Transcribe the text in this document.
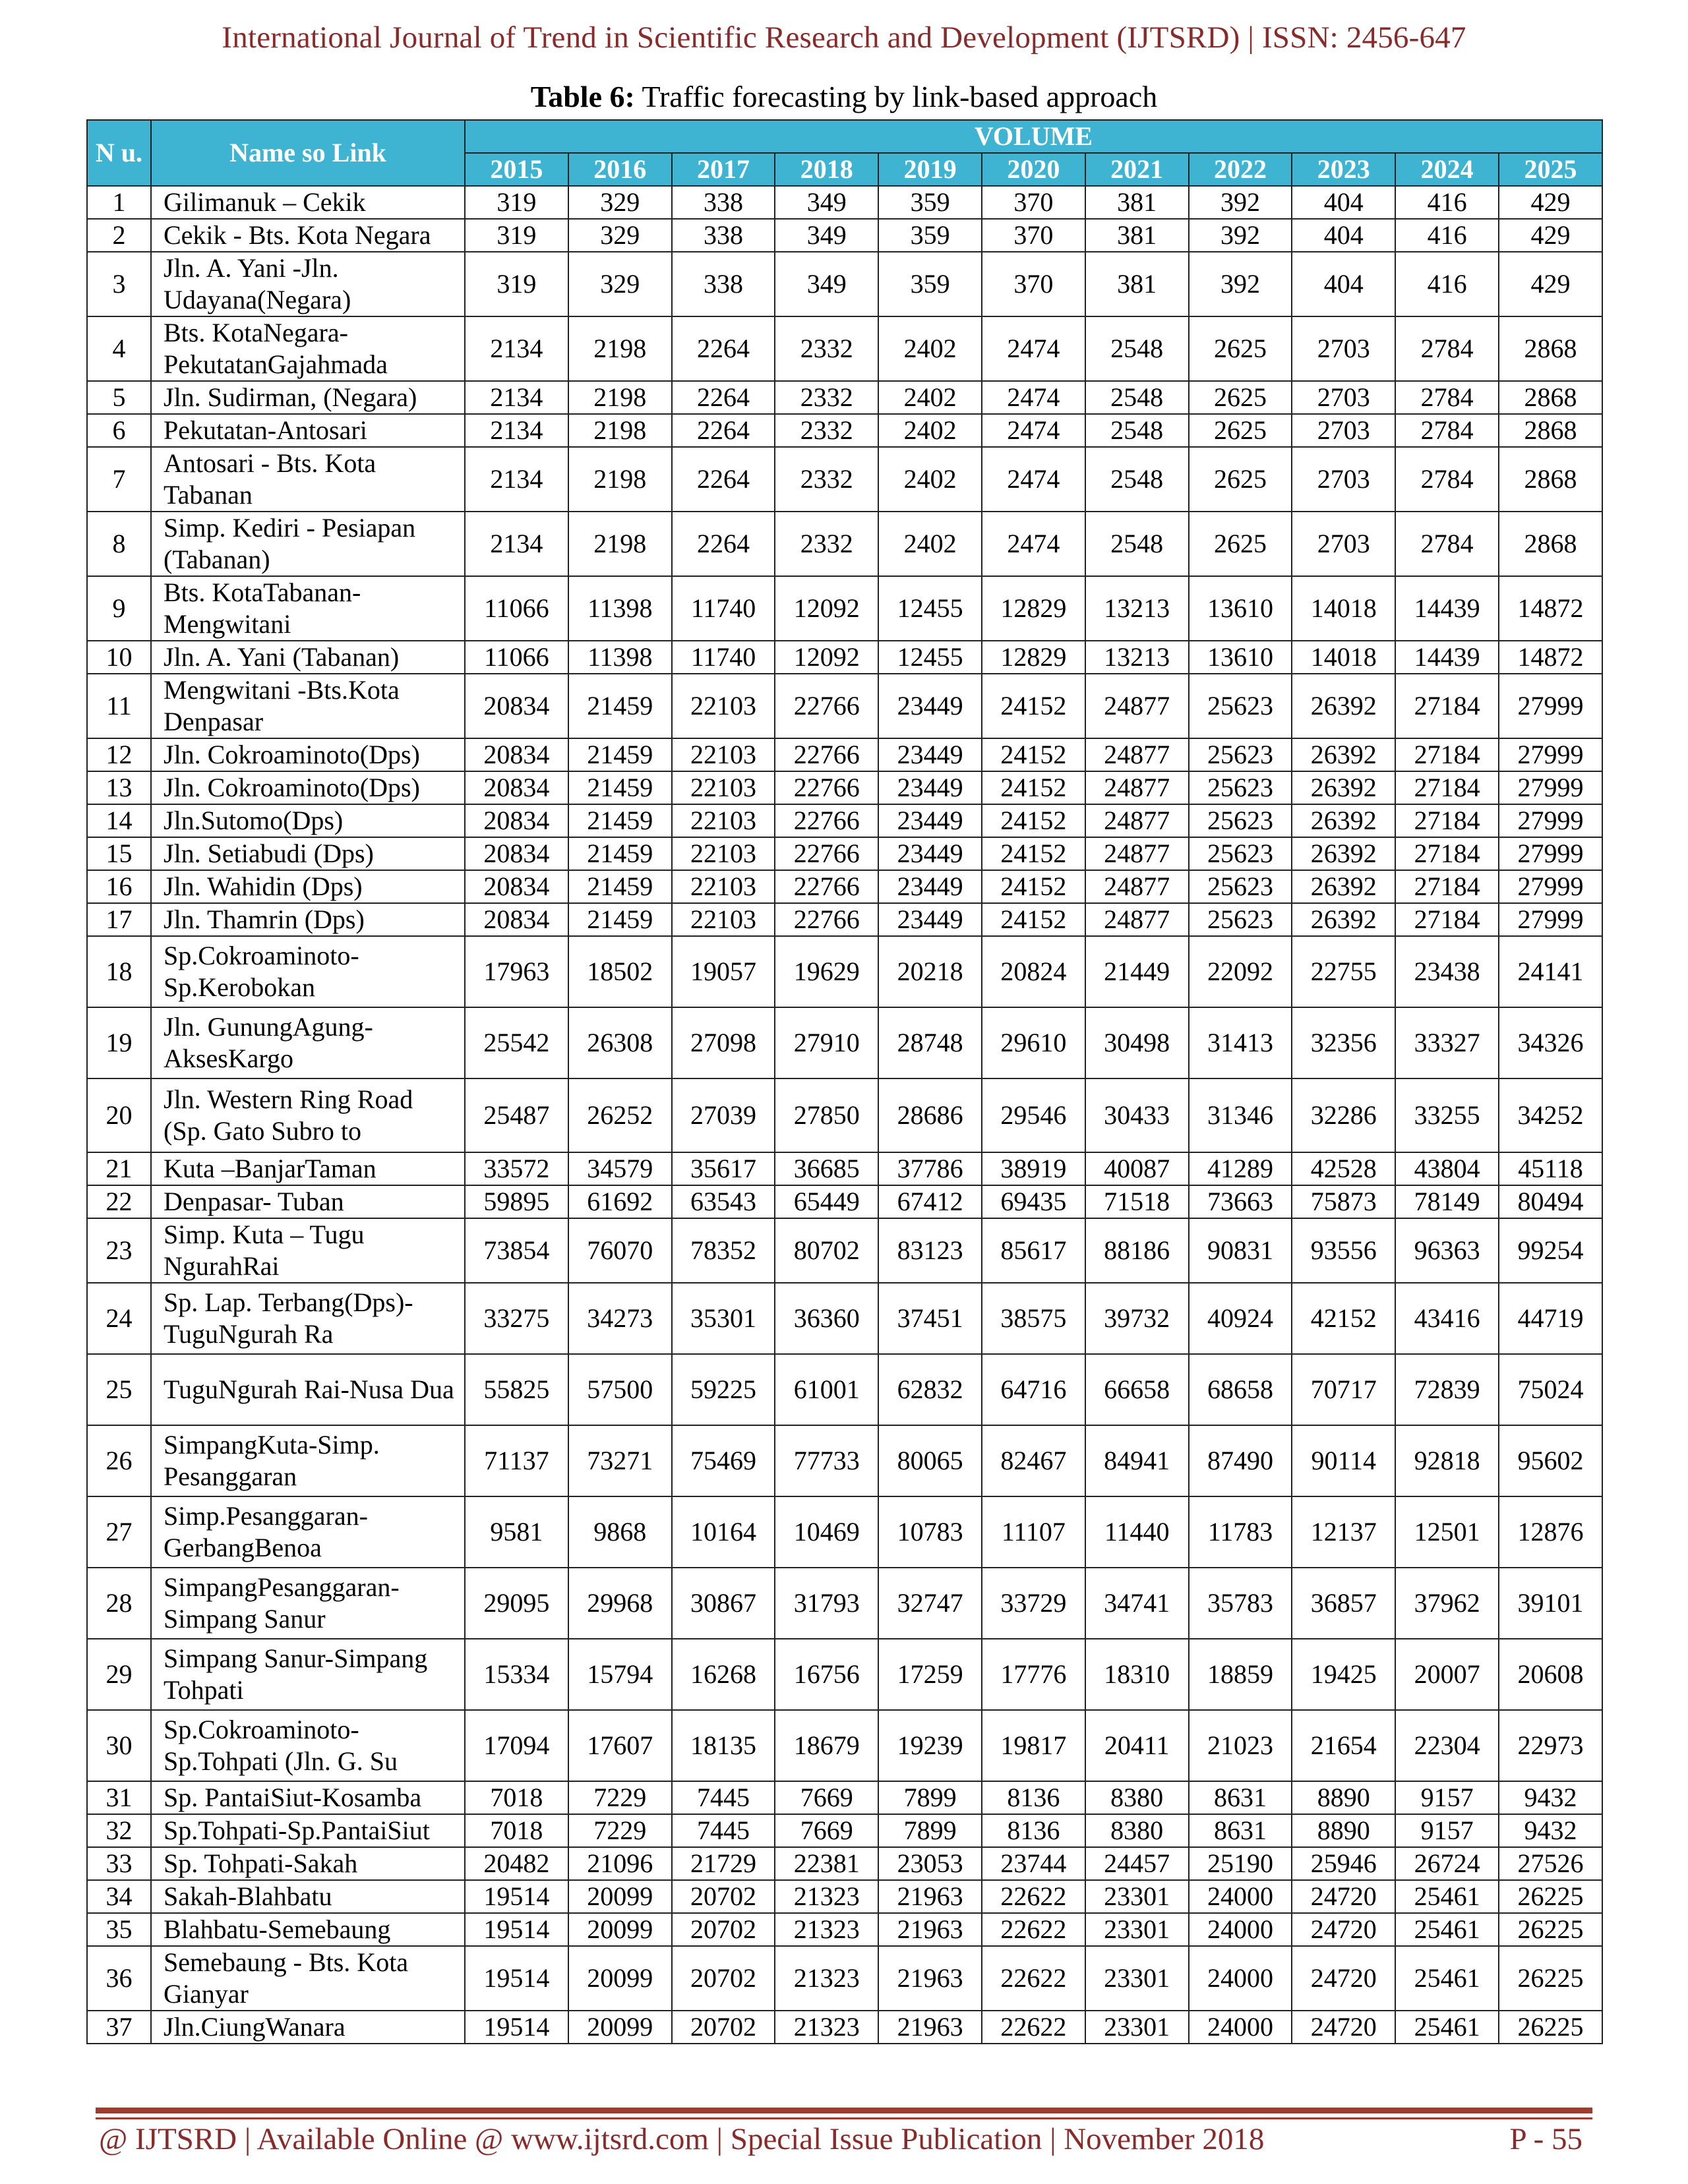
International Journal of Trend in Scientific Research and Development (IJTSRD) | ISSN: 2456-647
Table 6: Traffic forecasting by link-based approach
N u.	Name so Link	VOLUME										
		2015	2016	2017	2018	2019	2020	2021	2022	2023	2024	2025
1	Gilimanuk – Cekik	319	329	338	349	359	370	381	392	404	416	429
2	Cekik - Bts. Kota Negara	319	329	338	349	359	370	381	392	404	416	429
3	Jln. A. Yani -Jln. Udayana(Negara)	319	329	338	349	359	370	381	392	404	416	429
4	Bts. KotaNegara-PekutatanGajahmada	2134	2198	2264	2332	2402	2474	2548	2625	2703	2784	2868
5	Jln. Sudirman, (Negara)	2134	2198	2264	2332	2402	2474	2548	2625	2703	2784	2868
6	Pekutatan-Antosari	2134	2198	2264	2332	2402	2474	2548	2625	2703	2784	2868
7	Antosari - Bts. Kota Tabanan	2134	2198	2264	2332	2402	2474	2548	2625	2703	2784	2868
8	Simp. Kediri - Pesiapan (Tabanan)	2134	2198	2264	2332	2402	2474	2548	2625	2703	2784	2868
9	Bts. KotaTabanan-Mengwitani	11066	11398	11740	12092	12455	12829	13213	13610	14018	14439	14872
10	Jln. A. Yani (Tabanan)	11066	11398	11740	12092	12455	12829	13213	13610	14018	14439	14872
11	Mengwitani -Bts.Kota Denpasar	20834	21459	22103	22766	23449	24152	24877	25623	26392	27184	27999
12	Jln. Cokroaminoto(Dps)	20834	21459	22103	22766	23449	24152	24877	25623	26392	27184	27999
13	Jln. Cokroaminoto(Dps)	20834	21459	22103	22766	23449	24152	24877	25623	26392	27184	27999
14	Jln.Sutomo(Dps)	20834	21459	22103	22766	23449	24152	24877	25623	26392	27184	27999
15	Jln. Setiabudi (Dps)	20834	21459	22103	22766	23449	24152	24877	25623	26392	27184	27999
16	Jln. Wahidin (Dps)	20834	21459	22103	22766	23449	24152	24877	25623	26392	27184	27999
17	Jln. Thamrin (Dps)	20834	21459	22103	22766	23449	24152	24877	25623	26392	27184	27999
18	Sp.Cokroaminoto-Sp.Kerobokan	17963	18502	19057	19629	20218	20824	21449	22092	22755	23438	24141
19	Jln. GunungAgung-AksesKargo	25542	26308	27098	27910	28748	29610	30498	31413	32356	33327	34326
20	Jln. Western Ring Road (Sp. Gato Subro to	25487	26252	27039	27850	28686	29546	30433	31346	32286	33255	34252
21	Kuta –BanjarTaman	33572	34579	35617	36685	37786	38919	40087	41289	42528	43804	45118
22	Denpasar- Tuban	59895	61692	63543	65449	67412	69435	71518	73663	75873	78149	80494
23	Simp. Kuta – Tugu NgurahRai	73854	76070	78352	80702	83123	85617	88186	90831	93556	96363	99254
24	Sp. Lap. Terbang(Dps)-TuguNgurah Ra	33275	34273	35301	36360	37451	38575	39732	40924	42152	43416	44719
25	TuguNgurah Rai-Nusa Dua	55825	57500	59225	61001	62832	64716	66658	68658	70717	72839	75024
26	SimpangKuta-Simp. Pesanggaran	71137	73271	75469	77733	80065	82467	84941	87490	90114	92818	95602
27	Simp.Pesanggaran-GerbangBenoa	9581	9868	10164	10469	10783	11107	11440	11783	12137	12501	12876
28	SimpangPesanggaran-Simpang Sanur	29095	29968	30867	31793	32747	33729	34741	35783	36857	37962	39101
29	Simpang Sanur-Simpang Tohpati	15334	15794	16268	16756	17259	17776	18310	18859	19425	20007	20608
30	Sp.Cokroaminoto-Sp.Tohpati (Jln. G. Su	17094	17607	18135	18679	19239	19817	20411	21023	21654	22304	22973
31	Sp. PantaiSiut-Kosamba	7018	7229	7445	7669	7899	8136	8380	8631	8890	9157	9432
32	Sp.Tohpati-Sp.PantaiSiut	7018	7229	7445	7669	7899	8136	8380	8631	8890	9157	9432
33	Sp. Tohpati-Sakah	20482	21096	21729	22381	23053	23744	24457	25190	25946	26724	27526
34	Sakah-Blahbatu	19514	20099	20702	21323	21963	22622	23301	24000	24720	25461	26225
35	Blahbatu-Semebaung	19514	20099	20702	21323	21963	22622	23301	24000	24720	25461	26225
36	Semebaung - Bts. Kota Gianyar	19514	20099	20702	21323	21963	22622	23301	24000	24720	25461	26225
37	Jln.CiungWanara	19514	20099	20702	21323	21963	22622	23301	24000	24720	25461	26225
@ IJTSRD | Available Online @ www.ijtsrd.com | Special Issue Publication | November 2018	P - 55
